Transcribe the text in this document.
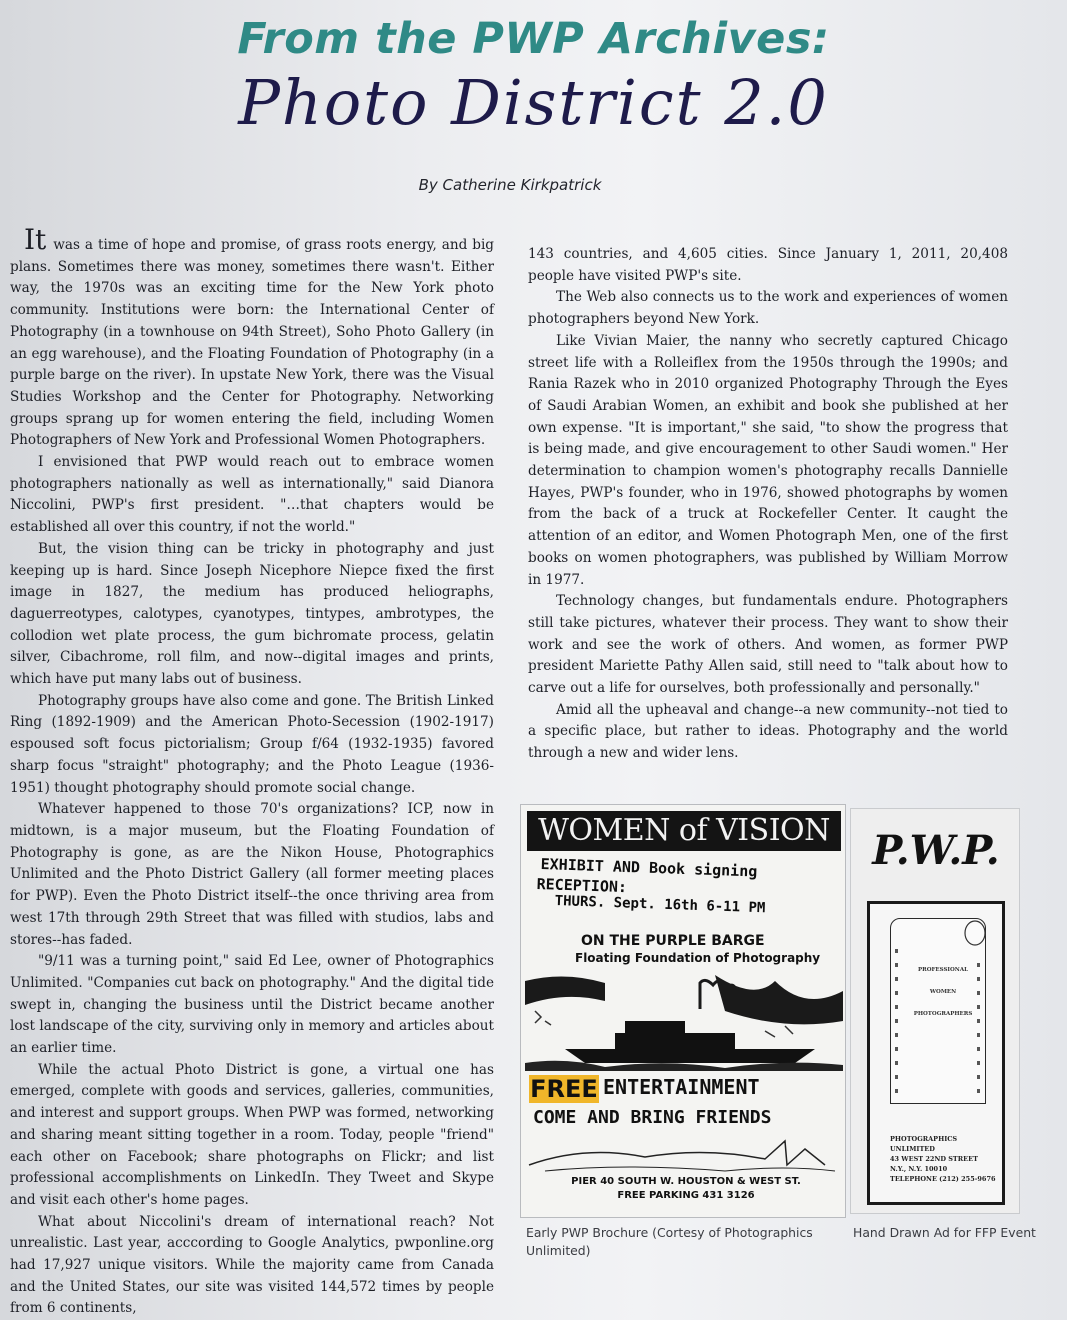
From the PWP Archives:
Photo District 2.0
By Catherine Kirkpatrick

It was a time of hope and promise, of grass roots energy, and big plans. Sometimes there was money, sometimes there wasn't. Either way, the 1970s was an exciting time for the New York photo community. Institutions were born: the International Center of Photography (in a townhouse on 94th Street), Soho Photo Gallery (in an egg warehouse), and the Floating Foundation of Photography (in a purple barge on the river). In upstate New York, there was the Visual Studies Workshop and the Center for Photography. Networking groups sprang up for women entering the field, including Women Photographers of New York and Professional Women Photographers.

I envisioned that PWP would reach out to embrace women photographers nationally as well as internationally," said Dianora Niccolini, PWP's first president. "…that chapters would be established all over this country, if not the world."

But, the vision thing can be tricky in photography and just keeping up is hard. Since Joseph Nicephore Niepce fixed the first image in 1827, the medium has produced heliographs, daguerreotypes, calotypes, cyanotypes, tintypes, ambrotypes, the collodion wet plate process, the gum bichromate process, gelatin silver, Cibachrome, roll film, and now--digital images and prints, which have put many labs out of business.

Photography groups have also come and gone. The British Linked Ring (1892-1909) and the American Photo-Secession (1902-1917) espoused soft focus pictorialism; Group f/64 (1932-1935) favored sharp focus "straight" photography; and the Photo League (1936-1951) thought photography should promote social change.

Whatever happened to those 70's organizations? ICP, now in midtown, is a major museum, but the Floating Foundation of Photography is gone, as are the Nikon House, Photographics Unlimited and the Photo District Gallery (all former meeting places for PWP). Even the Photo District itself--the once thriving area from west 17th through 29th Street that was filled with studios, labs and stores--has faded.

"9/11 was a turning point," said Ed Lee, owner of Photographics Unlimited. "Companies cut back on photography." And the digital tide swept in, changing the business until the District became another lost landscape of the city, surviving only in memory and articles about an earlier time.

While the actual Photo District is gone, a virtual one has emerged, complete with goods and services, galleries, communities, and interest and support groups. When PWP was formed, networking and sharing meant sitting together in a room. Today, people "friend" each other on Facebook; share photographs on Flickr; and list professional accomplishments on LinkedIn. They Tweet and Skype and visit each other's home pages.

What about Niccolini's dream of international reach? Not unrealistic. Last year, acccording to Google Analytics, pwponline.org had 17,927 unique visitors. While the majority came from Canada and the United States, our site was visited 144,572 times by people from 6 continents,

143 countries, and 4,605 cities. Since January 1, 2011, 20,408 people have visited PWP's site.

The Web also connects us to the work and experiences of women photographers beyond New York.

Like Vivian Maier, the nanny who secretly captured Chicago street life with a Rolleiflex from the 1950s through the 1990s; and Rania Razek who in 2010 organized Photography Through the Eyes of Saudi Arabian Women, an exhibit and book she published at her own expense. "It is important," she said, "to show the progress that is being made, and give encouragement to other Saudi women." Her determination to champion women's photography recalls Dannielle Hayes, PWP's founder, who in 1976, showed photographs by women from the back of a truck at Rockefeller Center. It caught the attention of an editor, and Women Photograph Men, one of the first books on women photographers, was published by William Morrow in 1977.

Technology changes, but fundamentals endure. Photographers still take pictures, whatever their process. They want to show their work and see the work of others. And women, as former PWP president Mariette Pathy Allen said, still need to "talk about how to carve out a life for ourselves, both professionally and personally."

Amid all the upheaval and change--a new community--not tied to a specific place, but rather to ideas. Photography and the world through a new and wider lens.

WOMEN of VISION
EXHIBIT AND Book signing
RECEPTION:
THURS. Sept. 16th 6-11 PM
ON THE PURPLE BARGE
Floating Foundation of Photography
FREE ENTERTAINMENT
COME AND BRING FRIENDS
PIER 40 SOUTH W. HOUSTON & WEST ST.
FREE PARKING 431 3126
P.W.P.
PROFESSIONAL
WOMEN
PHOTOGRAPHERS
PHOTOGRAPHICS UNLIMITED
43 WEST 22ND STREET
N.Y., N.Y. 10010
TELEPHONE (212) 255-9676
Early PWP Brochure (Cortesy of Photographics Unlimited)
Hand Drawn Ad for FFP Event
